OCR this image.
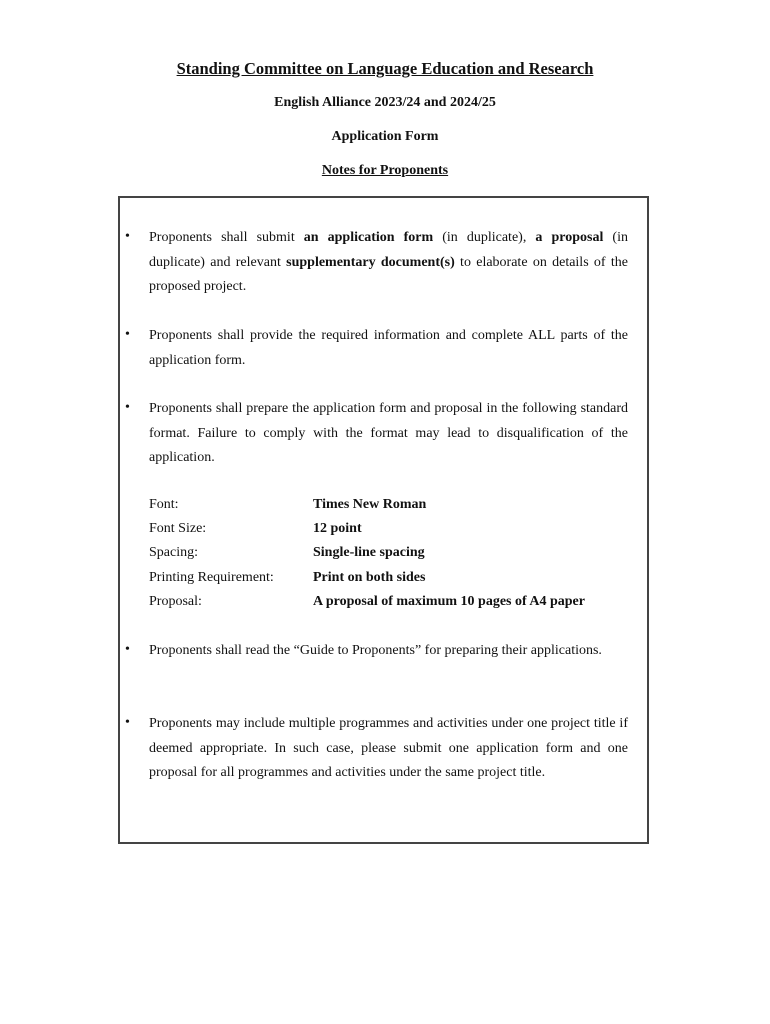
Standing Committee on Language Education and Research
English Alliance 2023/24 and 2024/25
Application Form
Notes for Proponents
• Proponents shall submit an application form (in duplicate), a proposal (in duplicate) and relevant supplementary document(s) to elaborate on details of the proposed project.
• Proponents shall provide the required information and complete ALL parts of the application form.
• Proponents shall prepare the application form and proposal in the following standard format. Failure to comply with the format may lead to disqualification of the application.
Font:	Times New Roman
Font Size:	12 point
Spacing:	Single-line spacing
Printing Requirement:	Print on both sides
Proposal:	A proposal of maximum 10 pages of A4 paper
• Proponents shall read the “Guide to Proponents” for preparing their applications.
• Proponents may include multiple programmes and activities under one project title if deemed appropriate. In such case, please submit one application form and one proposal for all programmes and activities under the same project title.
